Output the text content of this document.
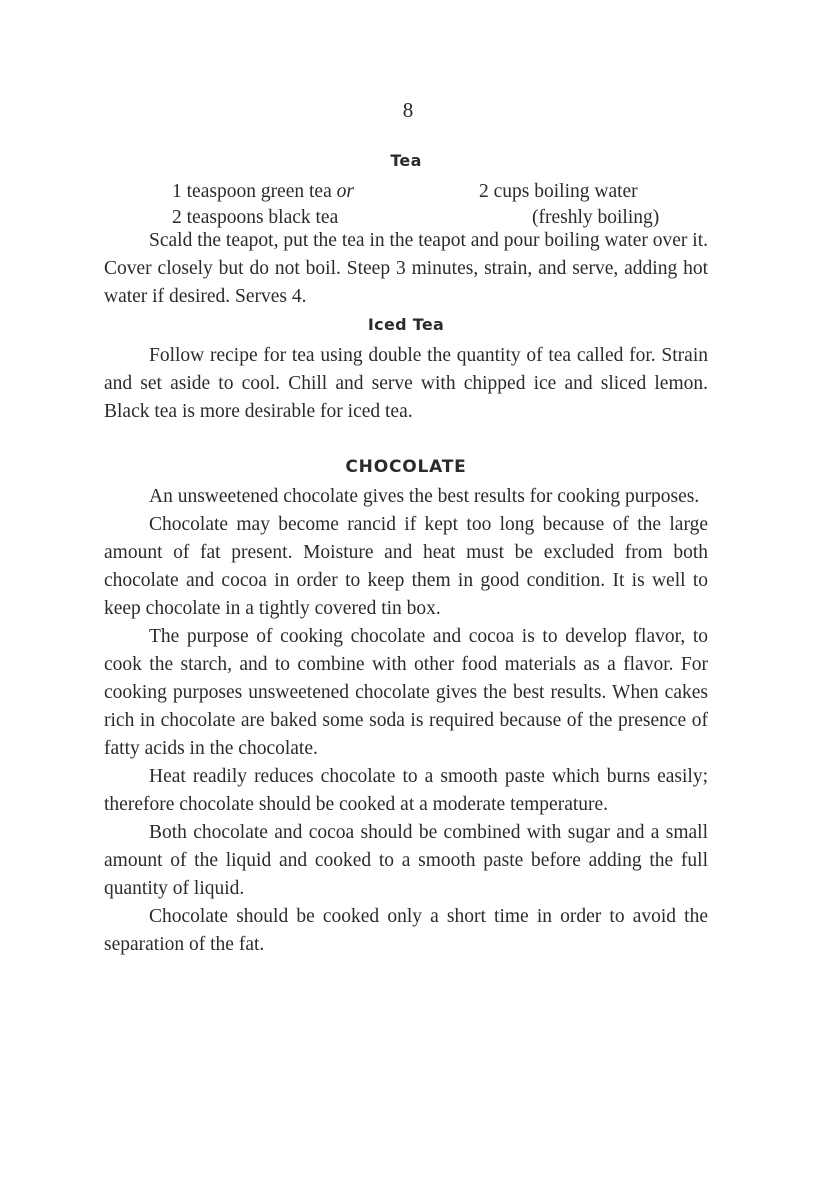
8
Tea
1 teaspoon green tea or
2 teaspoons black tea
2 cups boiling water
(freshly boiling)

Scald the teapot, put the tea in the teapot and pour boiling water over it. Cover closely but do not boil. Steep 3 minutes, strain, and serve, adding hot water if desired. Serves 4.

Iced Tea

Follow recipe for tea using double the quantity of tea called for. Strain and set aside to cool. Chill and serve with chipped ice and sliced lemon. Black tea is more desirable for iced tea.

CHOCOLATE

An unsweetened chocolate gives the best results for cooking purposes.

Chocolate may become rancid if kept too long because of the large amount of fat present. Moisture and heat must be excluded from both chocolate and cocoa in order to keep them in good condition. It is well to keep chocolate in a tightly covered tin box.

The purpose of cooking chocolate and cocoa is to develop flavor, to cook the starch, and to combine with other food materials as a flavor. For cooking purposes unsweetened chocolate gives the best results. When cakes rich in chocolate are baked some soda is required because of the presence of fatty acids in the chocolate.

Heat readily reduces chocolate to a smooth paste which burns easily; therefore chocolate should be cooked at a moderate temperature.

Both chocolate and cocoa should be combined with sugar and a small amount of the liquid and cooked to a smooth paste before adding the full quantity of liquid.

Chocolate should be cooked only a short time in order to avoid the separation of the fat.
